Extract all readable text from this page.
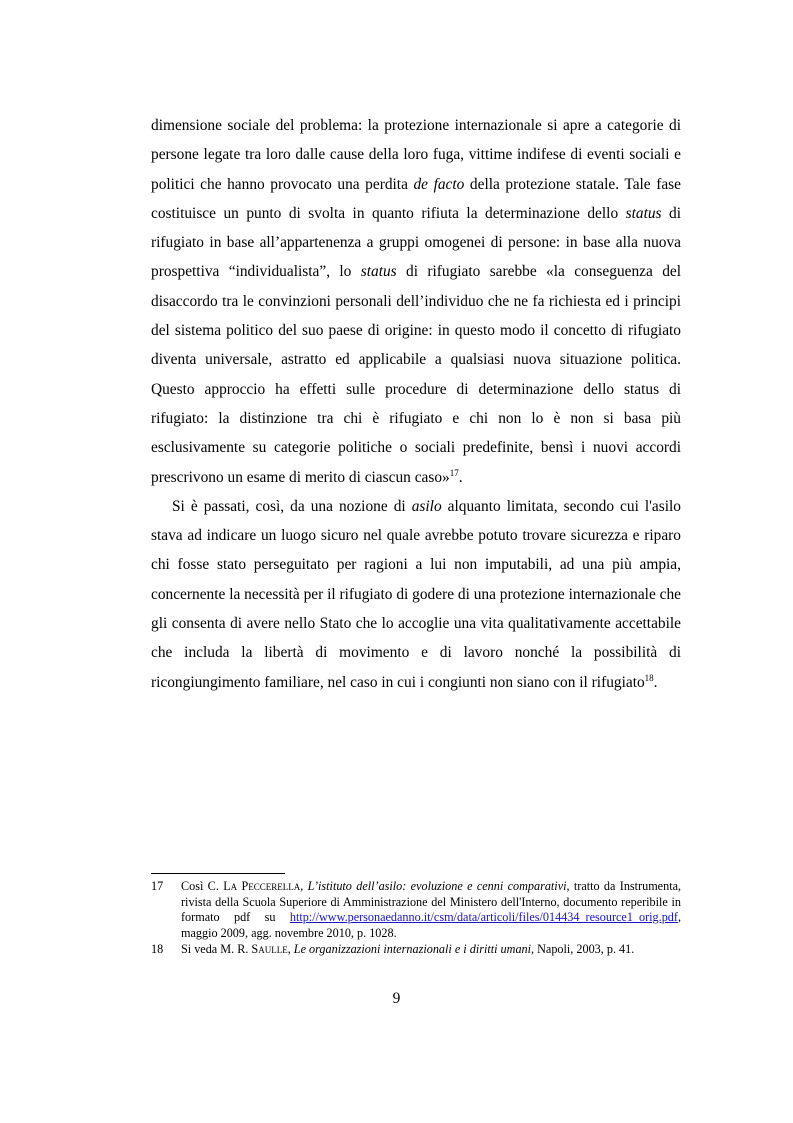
dimensione sociale del problema: la protezione internazionale si apre a categorie di persone legate tra loro dalle cause della loro fuga, vittime indifese di eventi sociali e politici che hanno provocato una perdita de facto della protezione statale. Tale fase costituisce un punto di svolta in quanto rifiuta la determinazione dello status di rifugiato in base all’appartenenza a gruppi omogenei di persone: in base alla nuova prospettiva “individualista”, lo status di rifugiato sarebbe «la conseguenza del disaccordo tra le convinzioni personali dell’individuo che ne fa richiesta ed i principi del sistema politico del suo paese di origine: in questo modo il concetto di rifugiato diventa universale, astratto ed applicabile a qualsiasi nuova situazione politica. Questo approccio ha effetti sulle procedure di determinazione dello status di rifugiato: la distinzione tra chi è rifugiato e chi non lo è non si basa più esclusivamente su categorie politiche o sociali predefinite, bensì i nuovi accordi prescrivono un esame di merito di ciascun caso»$^{17}$.

Si è passati, così, da una nozione di asilo alquanto limitata, secondo cui l'asilo stava ad indicare un luogo sicuro nel quale avrebbe potuto trovare sicurezza e riparo chi fosse stato perseguitato per ragioni a lui non imputabili, ad una più ampia, concernente la necessità per il rifugiato di godere di una protezione internazionale che gli consenta di avere nello Stato che lo accoglie una vita qualitativamente accettabile che includa la libertà di movimento e di lavoro nonché la possibilità di ricongiungimento familiare, nel caso in cui i congiunti non siano con il rifugiato$^{18}$.

17	Così C. La Peccerella, L’istituto dell’asilo: evoluzione e cenni comparativi, tratto da Instrumenta, rivista della Scuola Superiore di Amministrazione del Ministero dell'Interno, documento reperibile in formato pdf su http://www.personaedanno.it/csm/data/articoli/files/014434_resource1_orig.pdf, maggio 2009, agg. novembre 2010, p. 1028.
18	Si veda M. R. Saulle, Le organizzazioni internazionali e i diritti umani, Napoli, 2003, p. 41.
9
